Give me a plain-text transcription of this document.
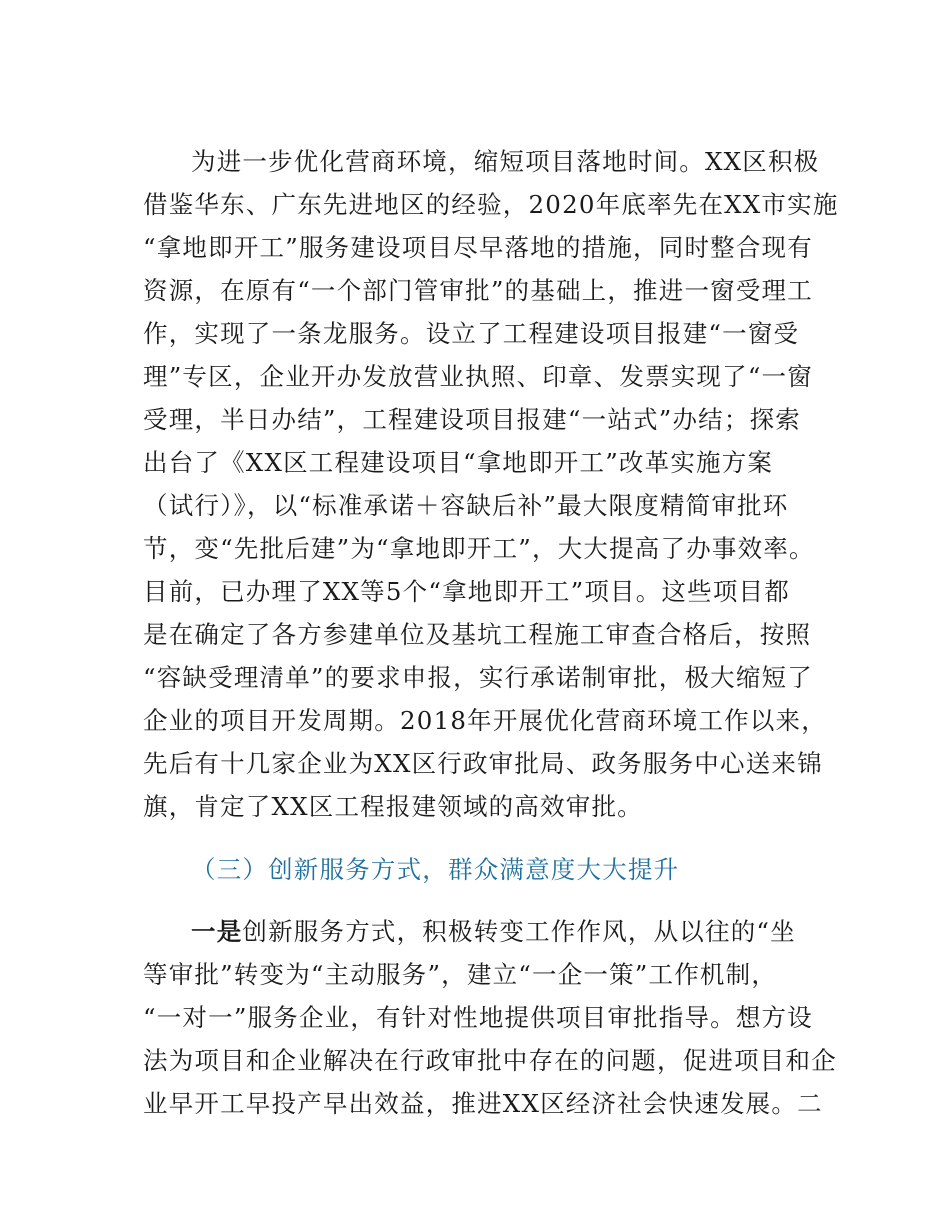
为进一步优化营商环境，缩短项目落地时间。XX区积极
借鉴华东、广东先进地区的经验，2020年底率先在XX市实施
“拿地即开工”服务建设项目尽早落地的措施，同时整合现有
资源，在原有“一个部门管审批”的基础上，推进一窗受理工
作，实现了一条龙服务。设立了工程建设项目报建“一窗受
理”专区，企业开办发放营业执照、印章、发票实现了“一窗
受理，半日办结”，工程建设项目报建“一站式”办结；探索
出台了《XX区工程建设项目“拿地即开工”改革实施方案
（试行）》，以“标准承诺＋容缺后补”最大限度精简审批环
节，变“先批后建”为“拿地即开工”，大大提高了办事效率。
目前，已办理了XX等5个“拿地即开工”项目。这些项目都
是在确定了各方参建单位及基坑工程施工审查合格后，按照
“容缺受理清单”的要求申报，实行承诺制审批，极大缩短了
企业的项目开发周期。2018年开展优化营商环境工作以来，
先后有十几家企业为XX区行政审批局、政务服务中心送来锦
旗，肯定了XX区工程报建领域的高效审批。
（三）创新服务方式，群众满意度大大提升
一是创新服务方式，积极转变工作作风，从以往的“坐
等审批”转变为“主动服务”，建立“一企一策”工作机制，
“一对一”服务企业，有针对性地提供项目审批指导。想方设
法为项目和企业解决在行政审批中存在的问题，促进项目和企
业早开工早投产早出效益，推进XX区经济社会快速发展。二
